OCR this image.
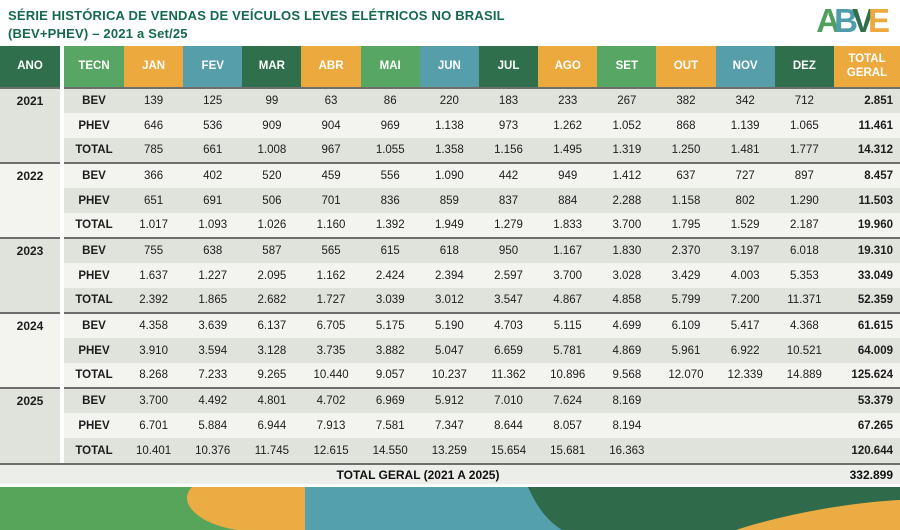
SÉRIE HISTÓRICA DE VENDAS DE VEÍCULOS LEVES ELÉTRICOS NO BRASIL
(BEV+PHEV) – 2021 a Set/25	A
B
V
E
ANO	TECN	JAN	FEV	MAR	ABR	MAI	JUN	JUL	AGO	SET	OUT	NOV	DEZ	TOTAL GERAL
2021	BEV	139	125	99	63	86	220	183	233	267	382	342	712	2.851
	PHEV	646	536	909	904	969	1.138	973	1.262	1.052	868	1.139	1.065	11.461
	TOTAL	785	661	1.008	967	1.055	1.358	1.156	1.495	1.319	1.250	1.481	1.777	14.312
2022	BEV	366	402	520	459	556	1.090	442	949	1.412	637	727	897	8.457
	PHEV	651	691	506	701	836	859	837	884	2.288	1.158	802	1.290	11.503
	TOTAL	1.017	1.093	1.026	1.160	1.392	1.949	1.279	1.833	3.700	1.795	1.529	2.187	19.960
2023	BEV	755	638	587	565	615	618	950	1.167	1.830	2.370	3.197	6.018	19.310
	PHEV	1.637	1.227	2.095	1.162	2.424	2.394	2.597	3.700	3.028	3.429	4.003	5.353	33.049
	TOTAL	2.392	1.865	2.682	1.727	3.039	3.012	3.547	4.867	4.858	5.799	7.200	11.371	52.359
2024	BEV	4.358	3.639	6.137	6.705	5.175	5.190	4.703	5.115	4.699	6.109	5.417	4.368	61.615
	PHEV	3.910	3.594	3.128	3.735	3.882	5.047	6.659	5.781	4.869	5.961	6.922	10.521	64.009
	TOTAL	8.268	7.233	9.265	10.440	9.057	10.237	11.362	10.896	9.568	12.070	12.339	14.889	125.624
2025	BEV	3.700	4.492	4.801	4.702	6.969	5.912	7.010	7.624	8.169				53.379
	PHEV	6.701	5.884	6.944	7.913	7.581	7.347	8.644	8.057	8.194				67.265
	TOTAL	10.401	10.376	11.745	12.615	14.550	13.259	15.654	15.681	16.363				120.644
TOTAL GERAL (2021 A 2025)	332.899
